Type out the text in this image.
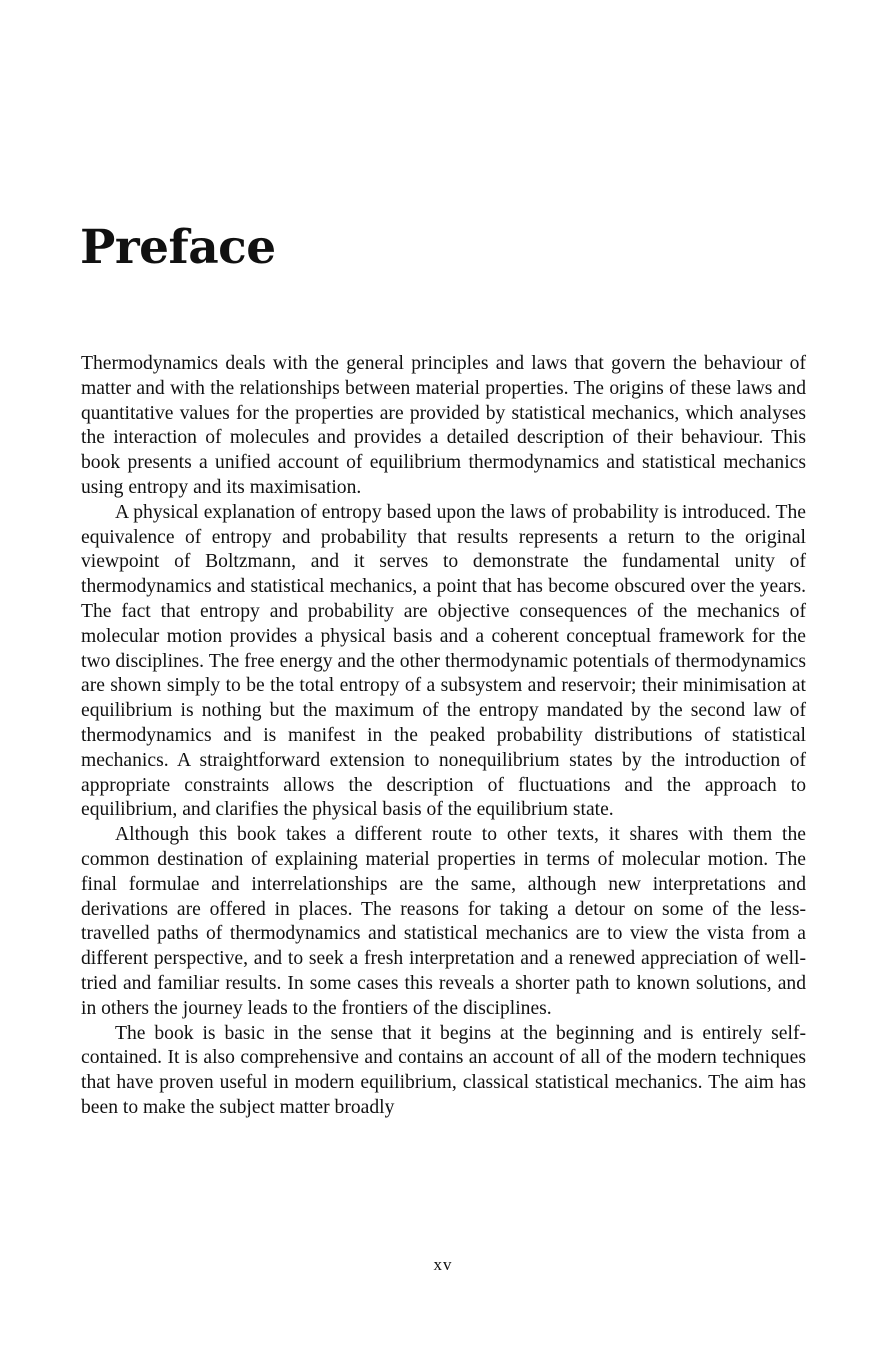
Preface

Thermodynamics deals with the general principles and laws that govern the behaviour of matter and with the relationships between material properties. The origins of these laws and quantitative values for the properties are provided by statistical mechanics, which analyses the interaction of molecules and provides a detailed description of their behaviour. This book presents a unified account of equilibrium thermodynamics and statistical mechanics using entropy and its maximisation.

A physical explanation of entropy based upon the laws of probability is introduced. The equivalence of entropy and probability that results represents a return to the original viewpoint of Boltzmann, and it serves to demonstrate the fundamental unity of thermodynamics and statistical mechanics, a point that has become obscured over the years. The fact that entropy and probability are objective consequences of the mechanics of molecular motion provides a physical basis and a coherent conceptual framework for the two disciplines. The free energy and the other thermodynamic potentials of thermodynamics are shown simply to be the total entropy of a subsystem and reservoir; their minimisation at equilibrium is nothing but the maximum of the entropy mandated by the second law of thermodynamics and is manifest in the peaked probability distributions of statistical mechanics. A straightforward extension to nonequilibrium states by the introduction of appropriate constraints allows the description of fluctuations and the approach to equilibrium, and clarifies the physical basis of the equilibrium state.

Although this book takes a different route to other texts, it shares with them the common destination of explaining material properties in terms of molecular motion. The final formulae and interrelationships are the same, although new interpretations and derivations are offered in places. The reasons for taking a detour on some of the less-travelled paths of thermodynamics and statistical mechanics are to view the vista from a different perspective, and to seek a fresh interpretation and a renewed appreciation of well-tried and familiar results. In some cases this reveals a shorter path to known solutions, and in others the journey leads to the frontiers of the disciplines.

The book is basic in the sense that it begins at the beginning and is entirely self-contained. It is also comprehensive and contains an account of all of the modern techniques that have proven useful in modern equilibrium, classical statistical mechanics. The aim has been to make the subject matter broadly

xv
